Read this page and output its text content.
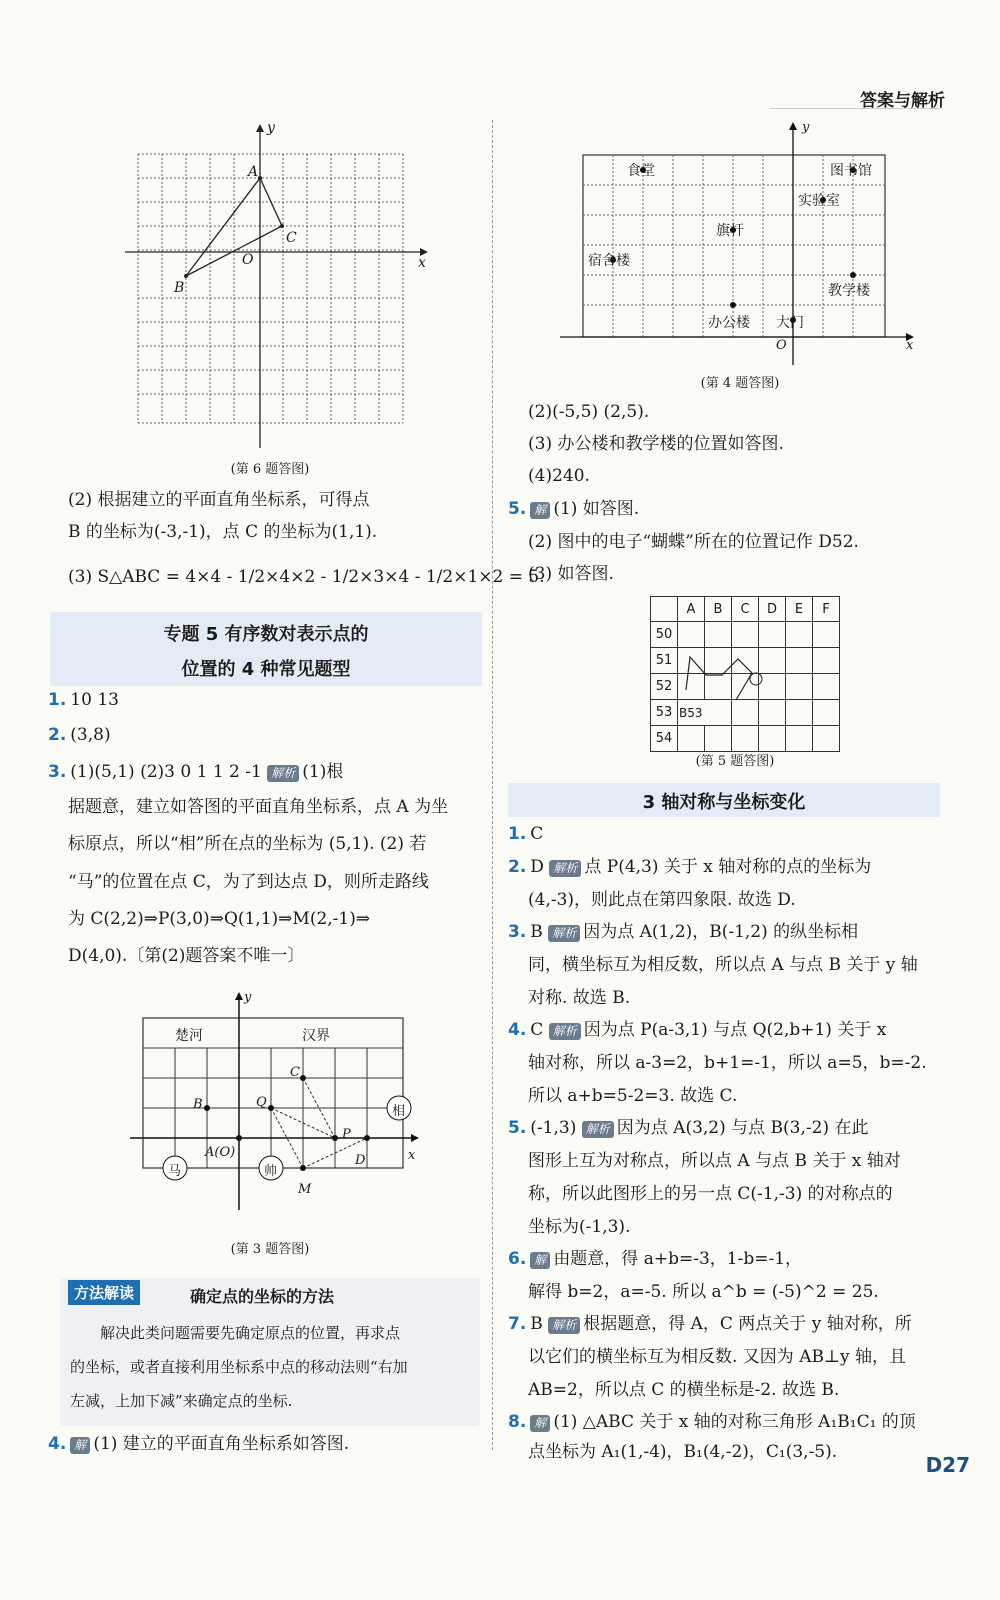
答案与解析
y
x
A
C
B
O
(第 6 题答图)
(2) 根据建立的平面直角坐标系，可得点
B 的坐标为(-3,-1)，点 C 的坐标为(1,1).
(3) S△ABC = 4×4 - 1/2×4×2 - 1/2×3×4 - 1/2×1×2 = 5.
专题 5 有序数对表示点的
位置的 4 种常见题型
1. 10 13
2. (3,8)
3. (1)(5,1) (2)3 0 1 1 2 -1 解析 (1)根
据题意，建立如答图的平面直角坐标系，点 A 为坐
标原点，所以“相”所在点的坐标为 (5,1). (2) 若
“马”的位置在点 C，为了到达点 D，则所走路线
为 C(2,2)⇒P(3,0)⇒Q(1,1)⇒M(2,-1)⇒
D(4,0).〔第(2)题答案不唯一〕
楚河	汉界
马	帅
相
y
x
C
Q
B
P
A(O)
D
M
(第 3 题答图)
方法解读	确定点的坐标的方法
解决此类问题需要先确定原点的位置，再求点
的坐标，或者直接利用坐标系中点的移动法则“右加
左减，上加下减”来确定点的坐标.
4. 解 (1) 建立的平面直角坐标系如答图.
食堂	图书馆
实验室
旗杆
宿舍楼
教学楼
办公楼 大门
O	x
y
(第 4 题答图)
(2)(-5,5) (2,5).
(3) 办公楼和教学楼的位置如答图.
(4)240.
5. 解 (1) 如答图.
(2) 图中的电子“蝴蝶”所在的位置记作 D52.
(3) 如答图.
	A	B	C	D	E	F
50						
51						
52						
53	B53					
54						
(第 5 题答图)
3 轴对称与坐标变化
1. C
2. D 解析 点 P(4,3) 关于 x 轴对称的点的坐标为
(4,-3)，则此点在第四象限. 故选 D.
3. B 解析 因为点 A(1,2)，B(-1,2) 的纵坐标相
同，横坐标互为相反数，所以点 A 与点 B 关于 y 轴
对称. 故选 B.
4. C 解析 因为点 P(a-3,1) 与点 Q(2,b+1) 关于 x
轴对称，所以 a-3=2，b+1=-1，所以 a=5，b=-2.
所以 a+b=5-2=3. 故选 C.
5. (-1,3) 解析 因为点 A(3,2) 与点 B(3,-2) 在此
图形上互为对称点，所以点 A 与点 B 关于 x 轴对
称，所以此图形上的另一点 C(-1,-3) 的对称点的
坐标为(-1,3).
6. 解 由题意，得 a+b=-3，1-b=-1，
解得 b=2，a=-5. 所以 a^b = (-5)^2 = 25.
7. B 解析 根据题意，得 A，C 两点关于 y 轴对称，所
以它们的横坐标互为相反数. 又因为 AB⊥y 轴，且
AB=2，所以点 C 的横坐标是-2. 故选 B.
8. 解 (1) △ABC 关于 x 轴的对称三角形 A₁B₁C₁ 的顶
点坐标为 A₁(1,-4)，B₁(4,-2)，C₁(3,-5).
D27
